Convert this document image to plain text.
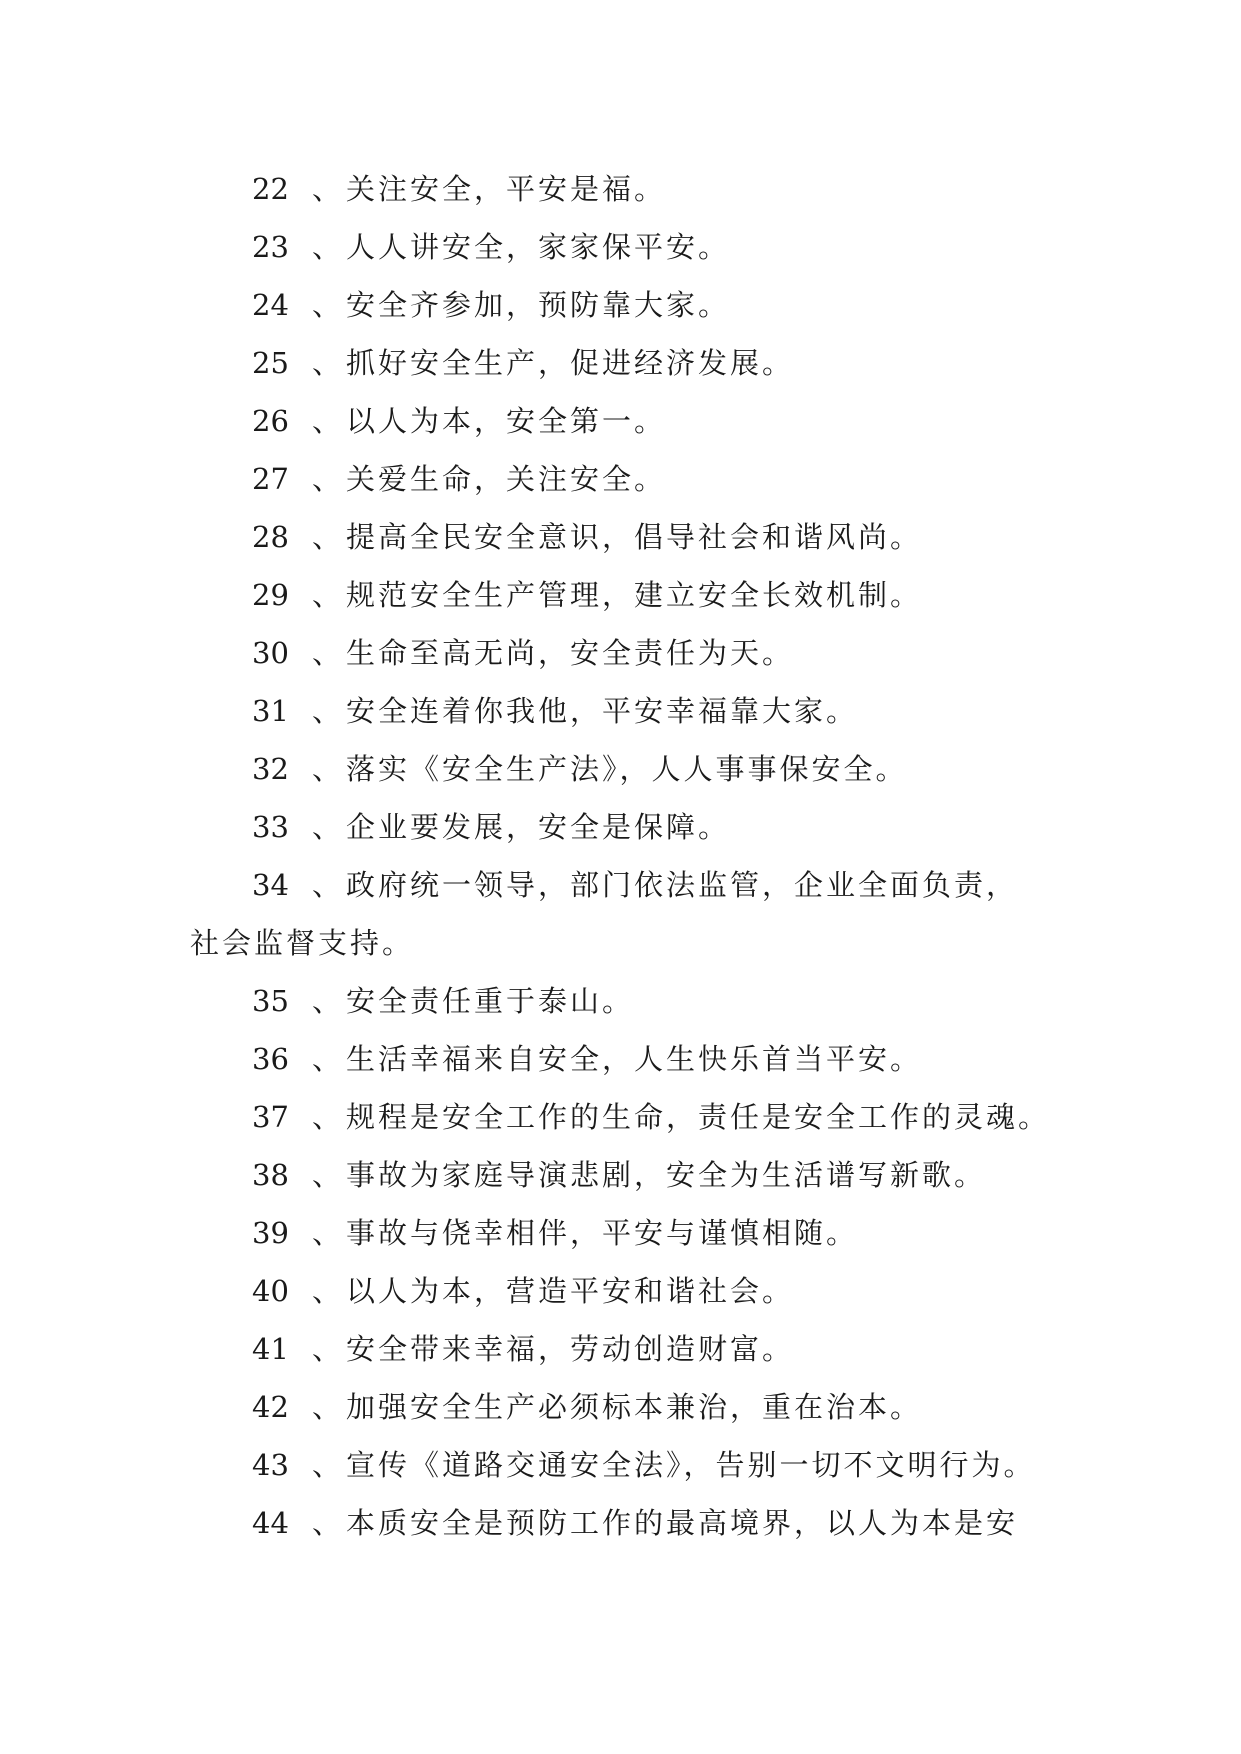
22 、关注安全，平安是福。
23 、人人讲安全，家家保平安。
24 、安全齐参加，预防靠大家。
25 、抓好安全生产，促进经济发展。
26 、以人为本，安全第一。
27 、关爱生命，关注安全。
28 、提高全民安全意识，倡导社会和谐风尚。
29 、规范安全生产管理，建立安全长效机制。
30 、生命至高无尚，安全责任为天。
31 、安全连着你我他，平安幸福靠大家。
32 、落实《安全生产法》，人人事事保安全。
33 、企业要发展，安全是保障。
34 、政府统一领导，部门依法监管，企业全面负责，
社会监督支持。
35 、安全责任重于泰山。
36 、生活幸福来自安全，人生快乐首当平安。
37 、规程是安全工作的生命，责任是安全工作的灵魂。
38 、事故为家庭导演悲剧，安全为生活谱写新歌。
39 、事故与侥幸相伴，平安与谨慎相随。
40 、以人为本，营造平安和谐社会。
41 、安全带来幸福，劳动创造财富。
42 、加强安全生产必须标本兼治，重在治本。
43 、宣传《道路交通安全法》，告别一切不文明行为。
44 、本质安全是预防工作的最高境界，以人为本是安
